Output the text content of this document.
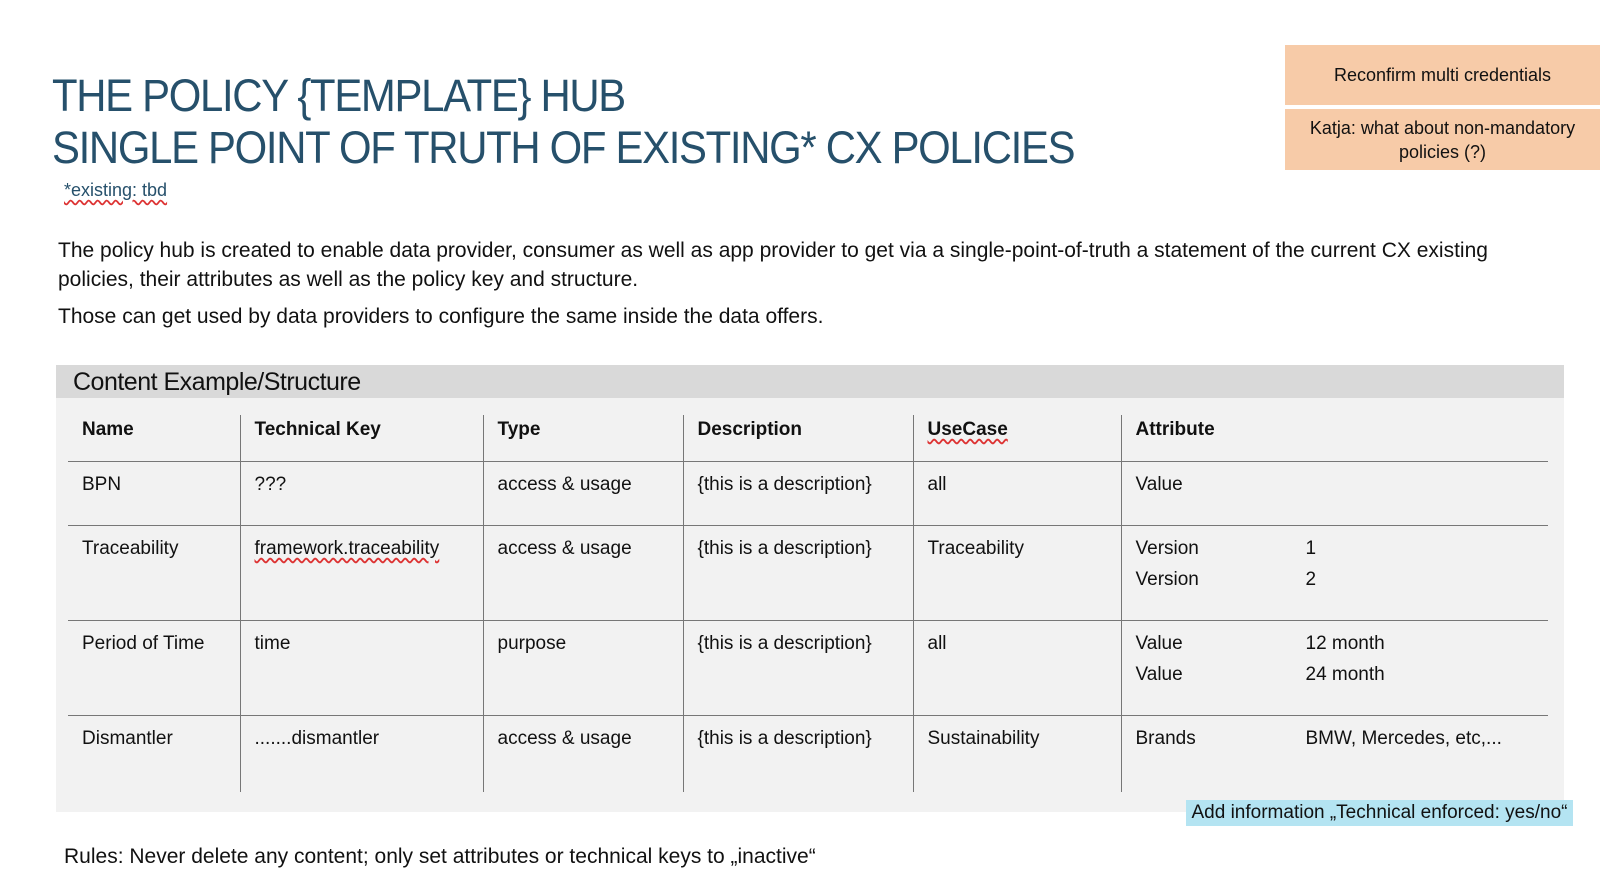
THE POLICY {TEMPLATE} HUB
SINGLE POINT OF TRUTH OF EXISTING* CX POLICIES
*existing: tbd
Reconfirm multi credentials
Katja: what about non-mandatory policies (?)

The policy hub is created to enable data provider, consumer as well as app provider to get via a single-point-of-truth a statement of the current CX existing policies, their attributes as well as the policy key and structure.

Those can get used by data providers to configure the same inside the data offers.

Content Example/Structure
Name	Technical Key	Type	Description	UseCase	Attribute
BPN	???	access & usage	{this is a description}	all	Value

Traceability	framework.traceability	access & usage	{this is a description}	Traceability	Version 1
Version 2

Period of Time	time	purpose	{this is a description}	all	Value 12 month
Value 24 month

Dismantler	.......dismantler	access & usage	{this is a description}	Sustainability	Brands BMW, Mercedes, etc,...
Add information „Technical enforced: yes/no“
Rules: Never delete any content; only set attributes or technical keys to „inactive“
